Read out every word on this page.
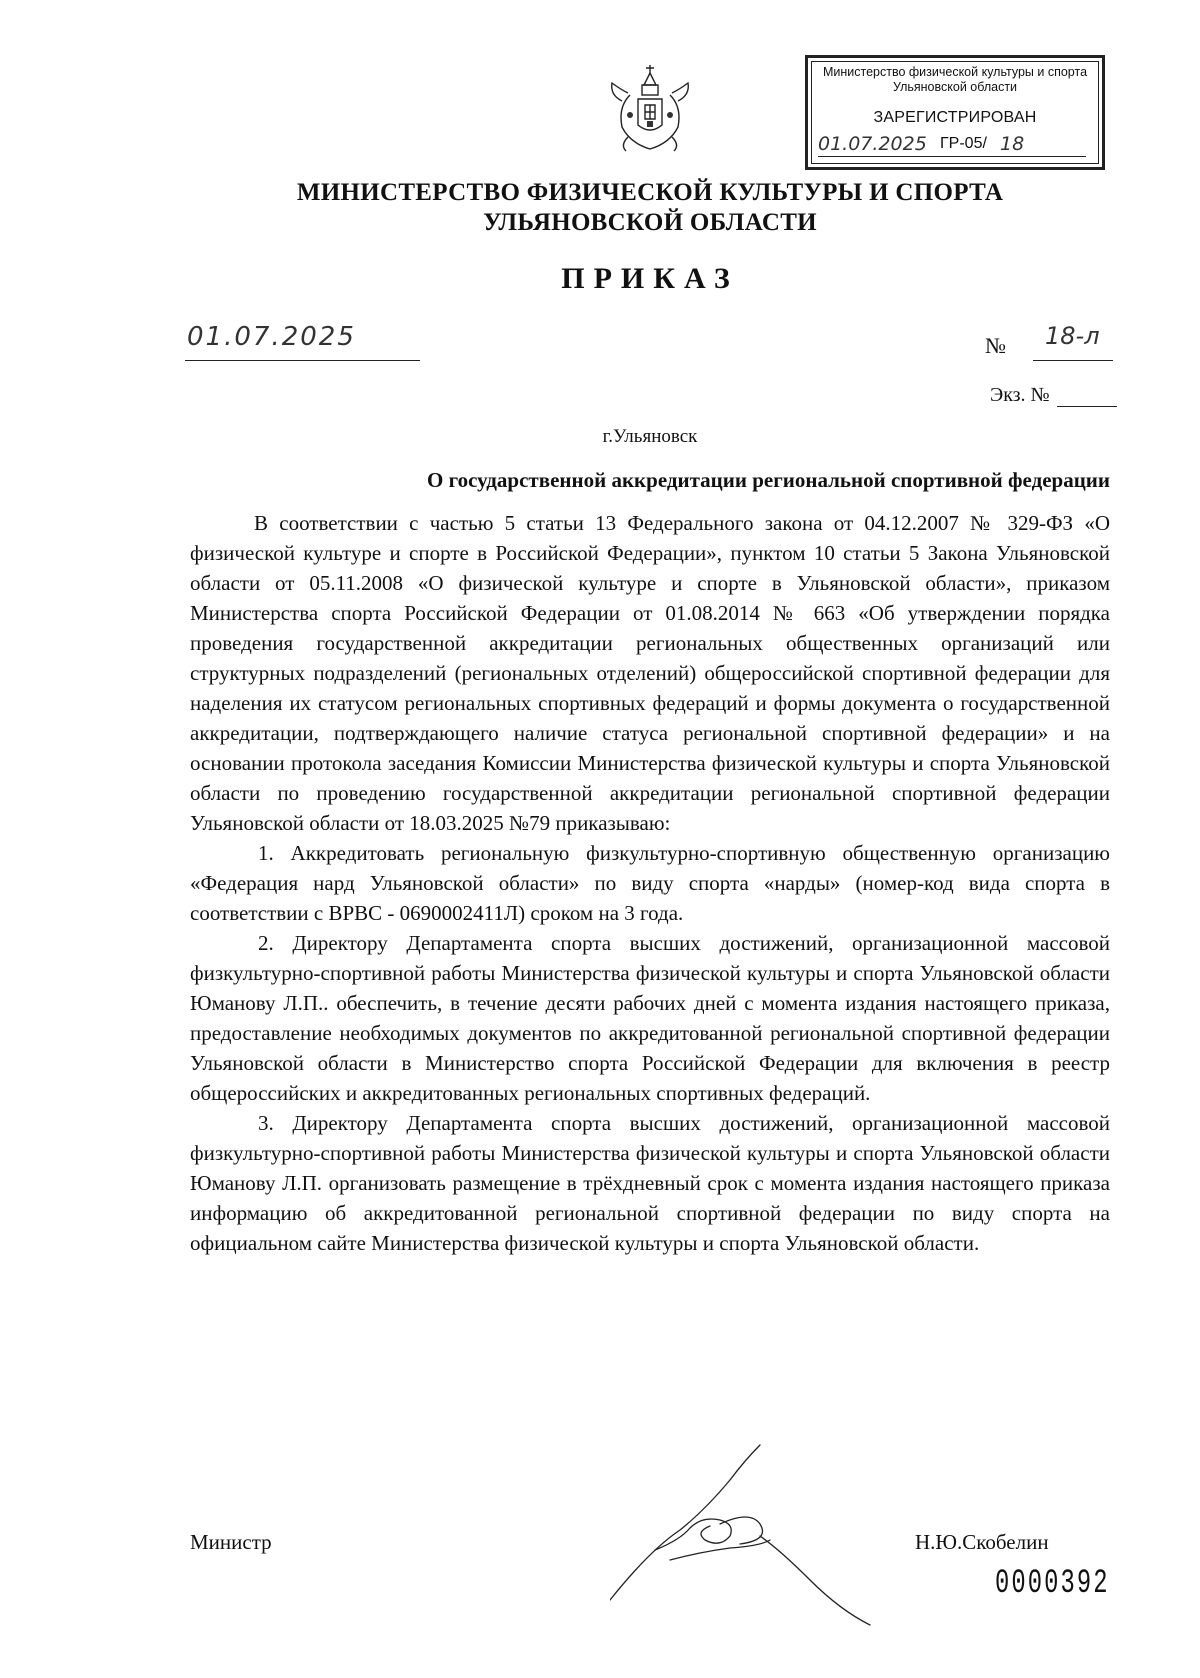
Министерство физической культуры и спорта
Ульяновской области
ЗАРЕГИСТРИРОВАН
01.07.2025 ГР-05/ 18
МИНИСТЕРСТВО ФИЗИЧЕСКОЙ КУЛЬТУРЫ И СПОРТА
УЛЬЯНОВСКОЙ ОБЛАСТИ
ПРИКАЗ
01.07.2025	№ 18-л
Экз. №
г.Ульяновск
О государственной аккредитации региональной спортивной федерации

В соответствии с частью 5 статьи 13 Федерального закона от 04.12.2007 № 329-ФЗ «О физической культуре и спорте в Российской Федерации», пунктом 10 статьи 5 Закона Ульяновской области от 05.11.2008 «О физической культуре и спорте в Ульяновской области», приказом Министерства спорта Российской Федерации от 01.08.2014 № 663 «Об утверждении порядка проведения государственной аккредитации региональных общественных организаций или структурных подразделений (региональных отделений) общероссийской спортивной федерации для наделения их статусом региональных спортивных федераций и формы документа о государственной аккредитации, подтверждающего наличие статуса региональной спортивной федерации» и на основании протокола заседания Комиссии Министерства физической культуры и спорта Ульяновской области по проведению государственной аккредитации региональной спортивной федерации Ульяновской области от 18.03.2025 №79 приказываю:

1. Аккредитовать региональную физкультурно-спортивную общественную организацию «Федерация нард Ульяновской области» по виду спорта «нарды» (номер-код вида спорта в соответствии с ВРВС - 0690002411Л) сроком на 3 года.

2. Директору Департамента спорта высших достижений, организационной массовой физкультурно-спортивной работы Министерства физической культуры и спорта Ульяновской области Юманову Л.П.. обеспечить, в течение десяти рабочих дней с момента издания настоящего приказа, предоставление необходимых документов по аккредитованной региональной спортивной федерации Ульяновской области в Министерство спорта Российской Федерации для включения в реестр общероссийских и аккредитованных региональных спортивных федераций.

3. Директору Департамента спорта высших достижений, организационной массовой физкультурно-спортивной работы Министерства физической культуры и спорта Ульяновской области Юманову Л.П. организовать размещение в трёхдневный срок с момента издания настоящего приказа информацию об аккредитованной региональной спортивной федерации по виду спорта на официальном сайте Министерства физической культуры и спорта Ульяновской области.

Министр	Н.Ю.Скобелин
0000392
